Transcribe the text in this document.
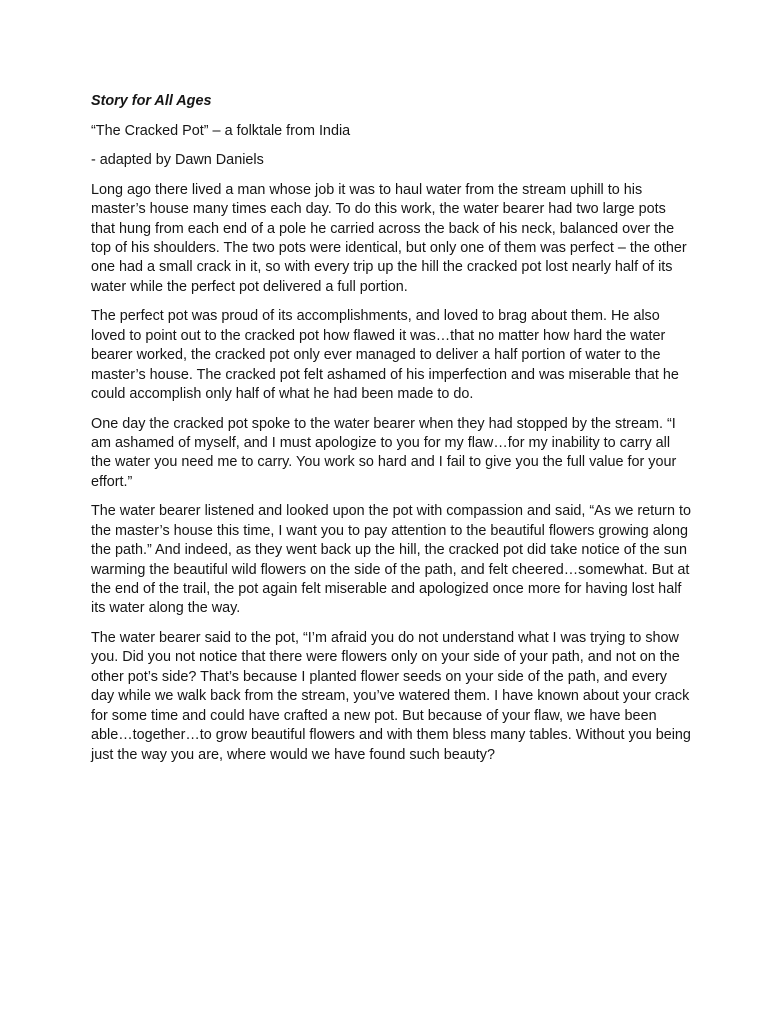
Story for All Ages

“The Cracked Pot” – a folktale from India

- adapted by Dawn Daniels

Long ago there lived a man whose job it was to haul water from the stream uphill to his master’s house many times each day. To do this work, the water bearer had two large pots that hung from each end of a pole he carried across the back of his neck, balanced over the top of his shoulders. The two pots were identical, but only one of them was perfect – the other one had a small crack in it, so with every trip up the hill the cracked pot lost nearly half of its water while the perfect pot delivered a full portion.

The perfect pot was proud of its accomplishments, and loved to brag about them. He also loved to point out to the cracked pot how flawed it was…that no matter how hard the water bearer worked, the cracked pot only ever managed to deliver a half portion of water to the master’s house. The cracked pot felt ashamed of his imperfection and was miserable that he could accomplish only half of what he had been made to do.

One day the cracked pot spoke to the water bearer when they had stopped by the stream. “I am ashamed of myself, and I must apologize to you for my flaw…for my inability to carry all the water you need me to carry. You work so hard and I fail to give you the full value for your effort.”

The water bearer listened and looked upon the pot with compassion and said, “As we return to the master’s house this time, I want you to pay attention to the beautiful flowers growing along the path.” And indeed, as they went back up the hill, the cracked pot did take notice of the sun warming the beautiful wild flowers on the side of the path, and felt cheered…somewhat. But at the end of the trail, the pot again felt miserable and apologized once more for having lost half its water along the way.

The water bearer said to the pot, “I’m afraid you do not understand what I was trying to show you. Did you not notice that there were flowers only on your side of your path, and not on the other pot’s side? That’s because I planted flower seeds on your side of the path, and every day while we walk back from the stream, you’ve watered them. I have known about your crack for some time and could have crafted a new pot. But because of your flaw, we have been able…together…to grow beautiful flowers and with them bless many tables. Without you being just the way you are, where would we have found such beauty?
